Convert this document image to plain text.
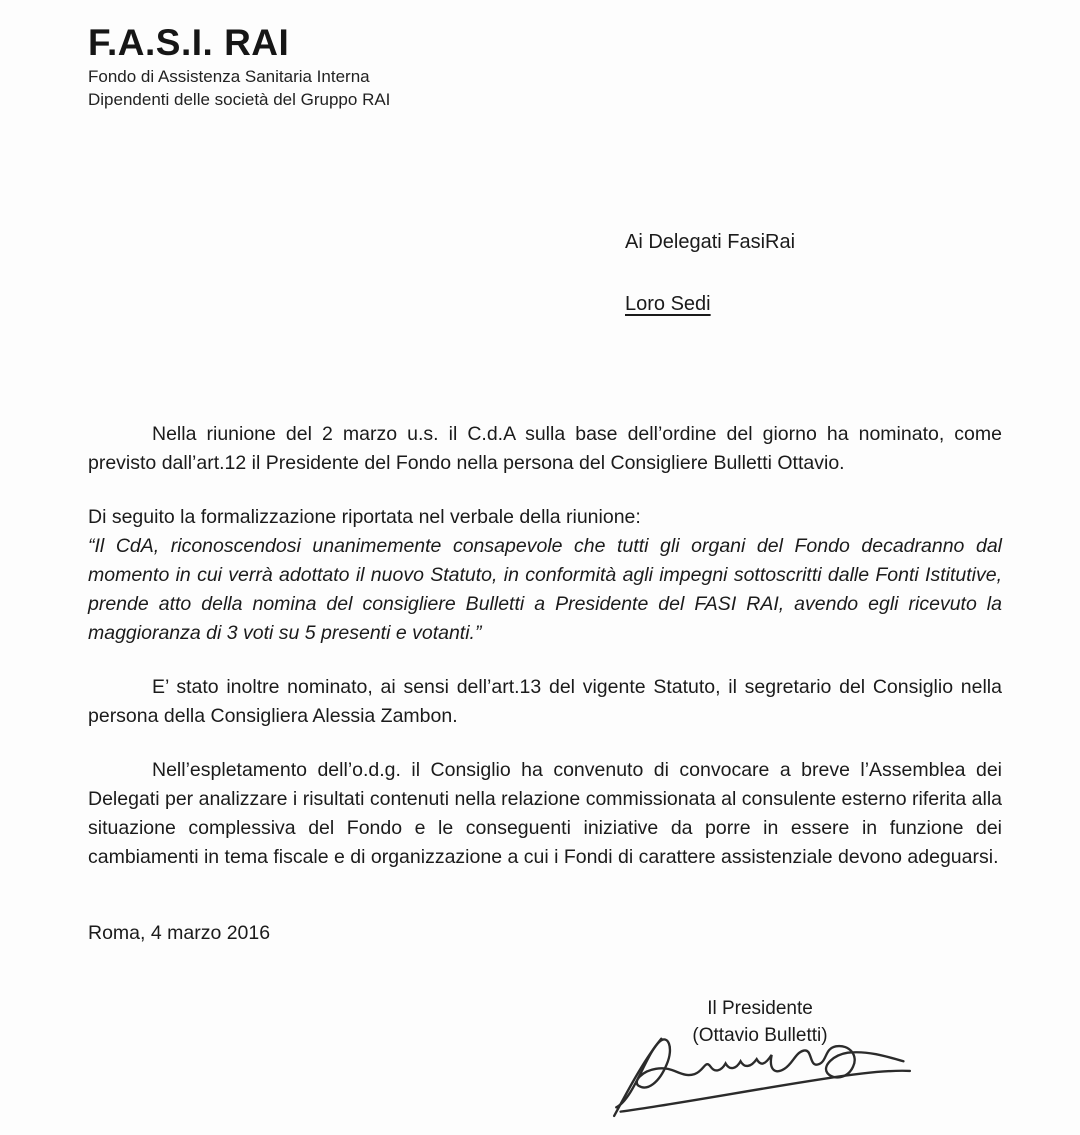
F.A.S.I. RAI
Fondo di Assistenza Sanitaria Interna
Dipendenti delle società del Gruppo RAI
Ai Delegati FasiRai
Loro Sedi

Nella riunione del 2 marzo u.s. il C.d.A sulla base dell’ordine del giorno ha nominato, come previsto dall’art.12 il Presidente del Fondo nella persona del Consigliere Bulletti Ottavio.

Di seguito la formalizzazione riportata nel verbale della riunione:

“Il CdA, riconoscendosi unanimemente consapevole che tutti gli organi del Fondo decadranno dal momento in cui verrà adottato il nuovo Statuto, in conformità agli impegni sottoscritti dalle Fonti Istitutive, prende atto della nomina del consigliere Bulletti a Presidente del FASI RAI, avendo egli ricevuto la maggioranza di 3 voti su 5 presenti e votanti.”

E’ stato inoltre nominato, ai sensi dell’art.13 del vigente Statuto, il segretario del Consiglio nella persona della Consigliera Alessia Zambon.

Nell’espletamento dell’o.d.g. il Consiglio ha convenuto di convocare a breve l’Assemblea dei Delegati per analizzare i risultati contenuti nella relazione commissionata al consulente esterno riferita alla situazione complessiva del Fondo e le conseguenti iniziative da porre in essere in funzione dei cambiamenti in tema fiscale e di organizzazione a cui i Fondi di carattere assistenziale devono adeguarsi.

Roma, 4 marzo 2016

Il Presidente
(Ottavio Bulletti)
